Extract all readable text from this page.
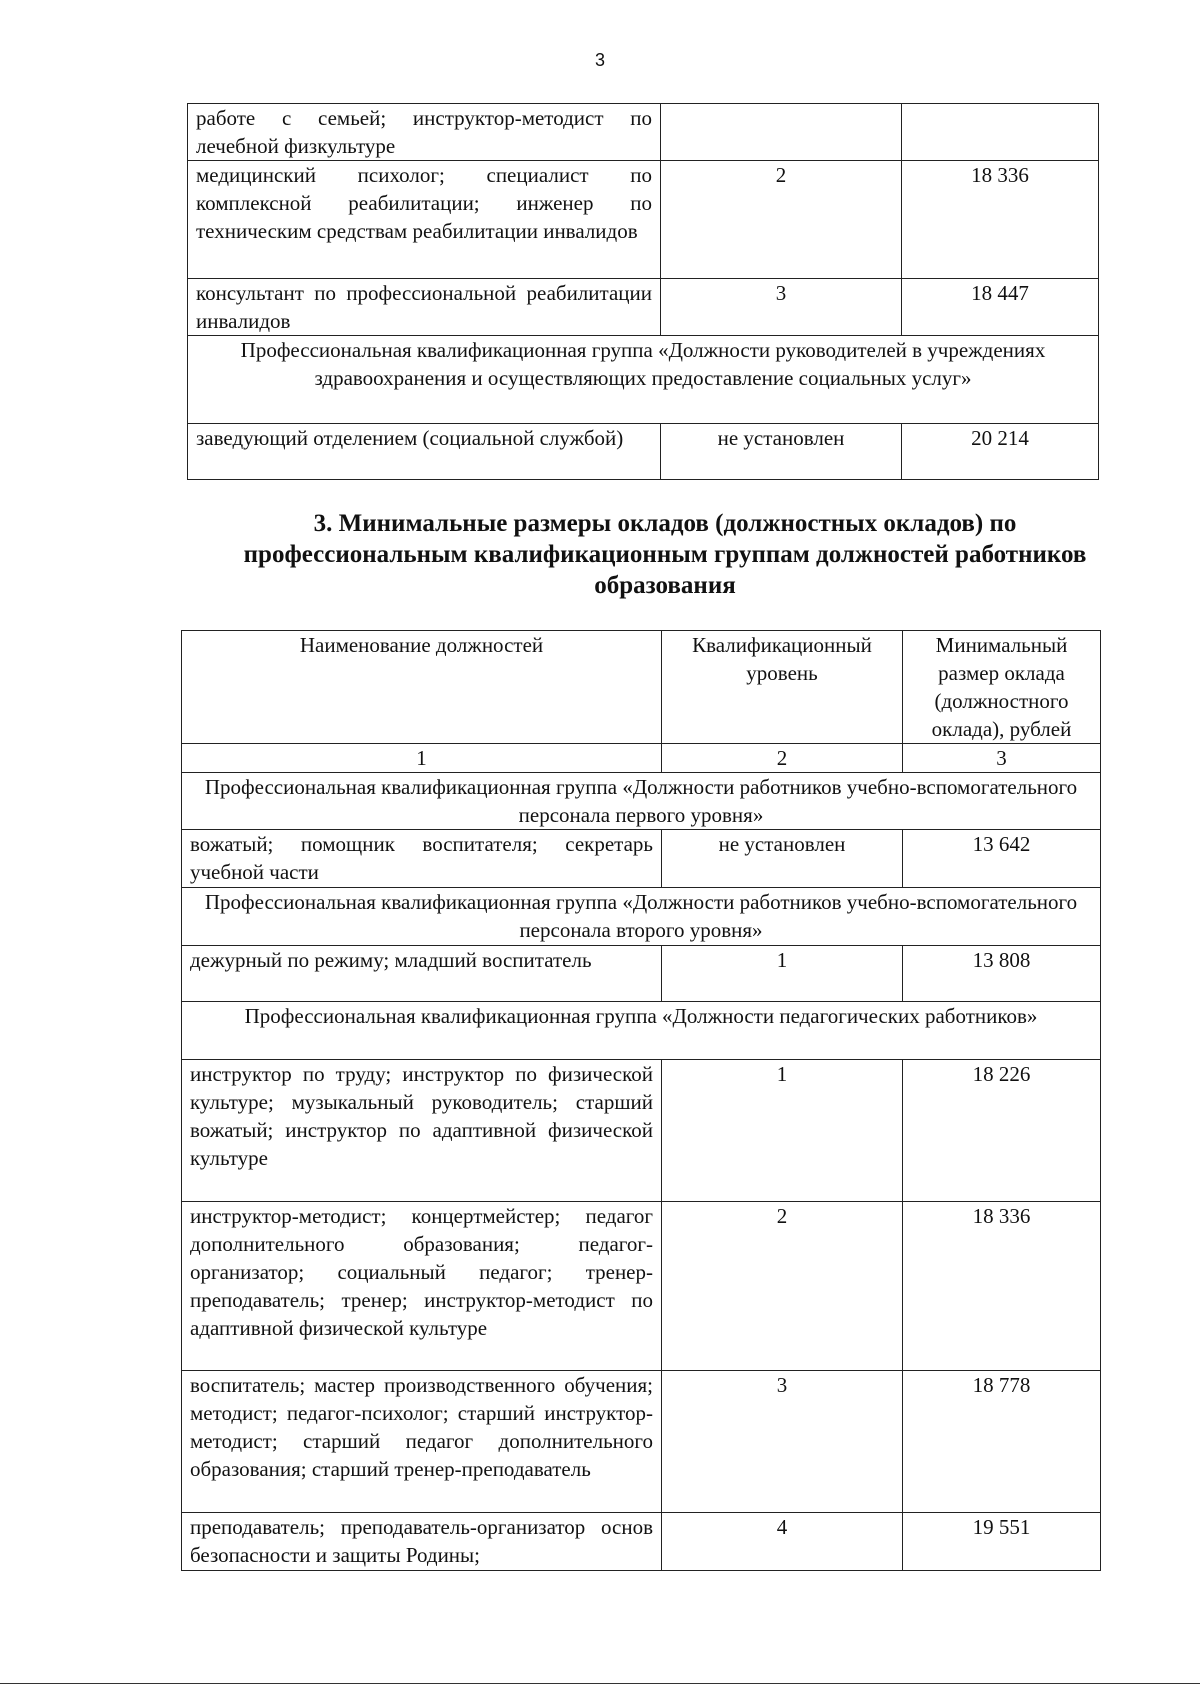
3
работе с семьей; инструктор-методист по лечебной физкультуре		
медицинский психолог; специалист по комплексной реабилитации; инженер по техническим средствам реабилитации инвалидов	2	18 336
консультант по профессиональной реабилитации инвалидов	3	18 447
Профессиональная квалификационная группа «Должности руководителей в учреждениях здравоохранения и осуществляющих предоставление социальных услуг»		
заведующий отделением (социальной службой)	не установлен	20 214
3. Минимальные размеры окладов (должностных окладов) по профессиональным квалификационным группам должностей работников образования
Наименование должностей	Квалификационный уровень	Минимальный размер оклада (должностного оклада), рублей
1	2	3
Профессиональная квалификационная группа «Должности работников учебно-вспомогательного персонала первого уровня»		
вожатый; помощник воспитателя; секретарь учебной части	не установлен	13 642
Профессиональная квалификационная группа «Должности работников учебно-вспомогательного персонала второго уровня»		
дежурный по режиму; младший воспитатель	1	13 808
Профессиональная квалификационная группа «Должности педагогических работников»		
инструктор по труду; инструктор по физической культуре; музыкальный руководитель; старший вожатый; инструктор по адаптивной физической культуре	1	18 226
инструктор-методист; концертмейстер; педагог дополнительного образования; педагог-организатор; социальный педагог; тренер-преподаватель; тренер; инструктор-методист по адаптивной физической культуре	2	18 336
воспитатель; мастер производственного обучения; методист; педагог-психолог; старший инструктор-методист; старший педагог дополнительного образования; старший тренер-преподаватель	3	18 778
преподаватель; преподаватель-организатор основ безопасности и защиты Родины;	4	19 551
